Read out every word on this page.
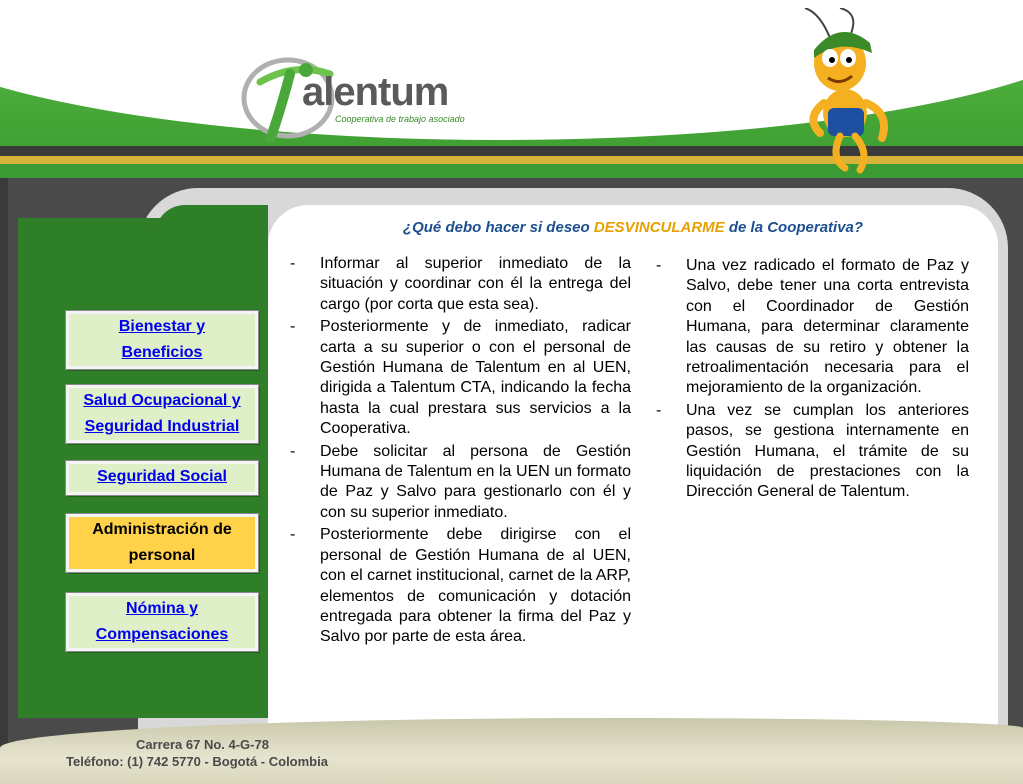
alentum
Cooperativa de trabajo asociado
Bienestar y
Beneficios
Salud Ocupacional y
Seguridad Industrial
Seguridad Social
Administración de
personal
Nómina y
Compensaciones
¿Qué debo hacer si deseo DESVINCULARME de la Cooperativa?
- Informar al superior inmediato de la situación y coordinar con él la entrega del cargo (por corta que esta sea).
- Posteriormente y de inmediato, radicar carta a su superior o con el personal de Gestión Humana de Talentum en al UEN, dirigida a Talentum CTA, indicando la fecha hasta la cual prestara sus servicios a la Cooperativa.
- Debe solicitar al persona de Gestión Humana de Talentum en la UEN un formato de Paz y Salvo para gestionarlo con él y con su superior inmediato.
- Posteriormente debe dirigirse con el personal de Gestión Humana de al UEN, con el carnet institucional, carnet de la ARP, elementos de comunicación y dotación entregada para obtener la firma del Paz y Salvo por parte de esta área.
- Una vez radicado el formato de Paz y Salvo, debe tener una corta entrevista con el Coordinador de Gestión Humana, para determinar claramente las causas de su retiro y obtener la retroalimentación necesaria para el mejoramiento de la organización.
- Una vez se cumplan los anteriores pasos, se gestiona internamente en Gestión Humana, el trámite de su liquidación de prestaciones con la Dirección General de Talentum.
Carrera 67 No. 4-G-78
Teléfono: (1) 742 5770 - Bogotá - Colombia
